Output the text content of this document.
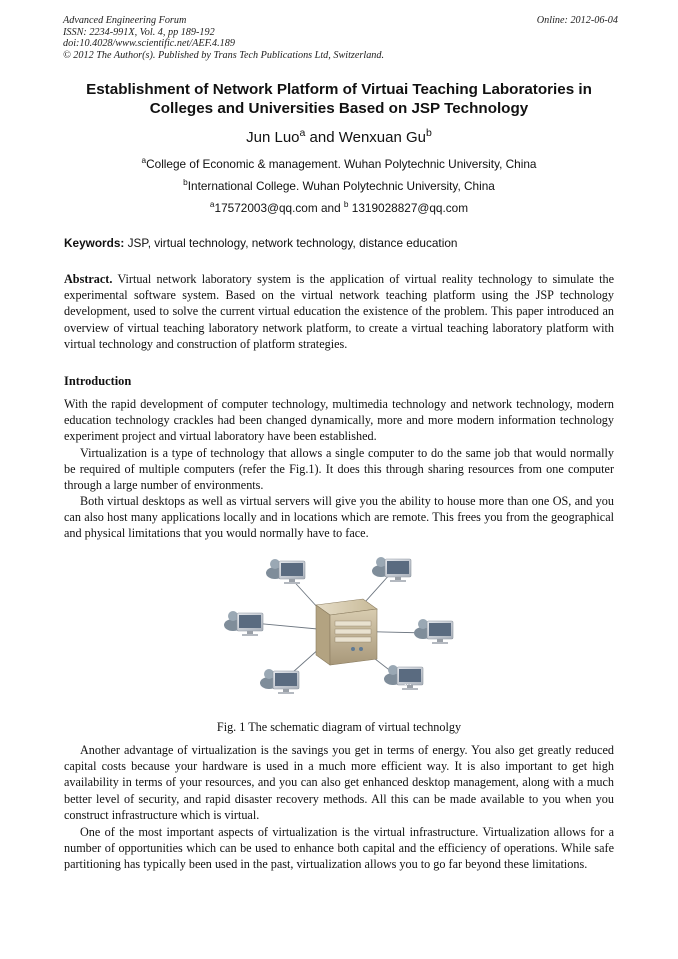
Advanced Engineering Forum
ISSN: 2234-991X, Vol. 4, pp 189-192
doi:10.4028/www.scientific.net/AEF.4.189
© 2012 The Author(s). Published by Trans Tech Publications Ltd, Switzerland.
Online: 2012-06-04
Establishment of Network Platform of Virtuai Teaching Laboratories in
Colleges and Universities Based on JSP Technology
Jun Luo$^a$ and Wenxuan Gu$^b$
$^a$College of Economic & management. Wuhan Polytechnic University, China
$^b$International College. Wuhan Polytechnic University, China
$^a$17572003@qq.com and $^b$ 1319028827@qq.com
Keywords: JSP, virtual technology, network technology, distance education
Abstract. Virtual network laboratory system is the application of virtual reality technology to simulate the experimental software system. Based on the virtual network teaching platform using the JSP technology development, used to solve the current virtual education the existence of the problem. This paper introduced an overview of virtual teaching laboratory network platform, to create a virtual teaching laboratory platform with virtual technology and construction of platform strategies.
Introduction
With the rapid development of computer technology, multimedia technology and network technology, modern education technology crackles had been changed dynamically, more and more modern information technology experiment project and virtual laboratory have been established.
Virtualization is a type of technology that allows a single computer to do the same job that would normally be required of multiple computers (refer the Fig.1). It does this through sharing resources from one computer through a large number of environments.
Both virtual desktops as well as virtual servers will give you the ability to house more than one OS, and you can also host many applications locally and in locations which are remote. This frees you from the geographical and physical limitations that you would normally have to face.
...
Fig. 1 The schematic diagram of virtual technolgy
Another advantage of virtualization is the savings you get in terms of energy. You also get greatly reduced capital costs because your hardware is used in a much more efficient way. It is also important to get high availability in terms of your resources, and you can also get enhanced desktop management, along with a much better level of security, and rapid disaster recovery methods. All this can be made available to you when you construct infrastructure which is virtual.
One of the most important aspects of virtualization is the virtual infrastructure. Virtualization allows for a number of opportunities which can be used to enhance both capital and the efficiency of operations. While safe partitioning has typically been used in the past, virtualization allows you to go far beyond these limitations.
